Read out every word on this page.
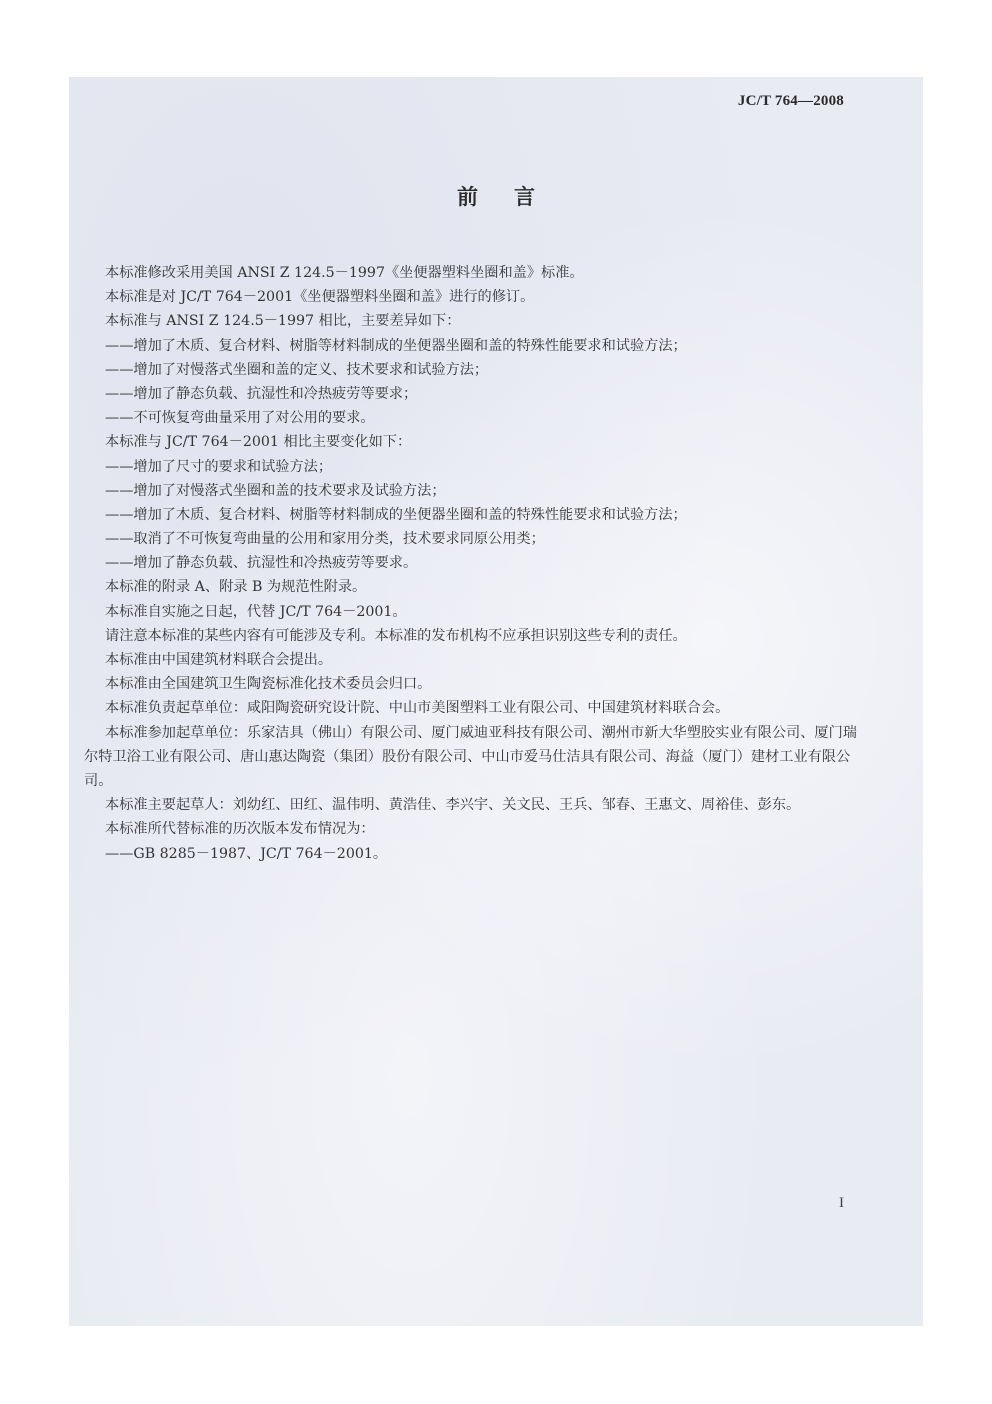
JC/T 764—2008
前言
本标准修改采用美国 ANSI Z 124.5－1997《坐便器塑料坐圈和盖》标准。
本标准是对 JC/T 764－2001《坐便器塑料坐圈和盖》进行的修订。
本标准与 ANSI Z 124.5－1997 相比，主要差异如下：
——增加了木质、复合材料、树脂等材料制成的坐便器坐圈和盖的特殊性能要求和试验方法；
——增加了对慢落式坐圈和盖的定义、技术要求和试验方法；
——增加了静态负载、抗湿性和冷热疲劳等要求；
——不可恢复弯曲量采用了对公用的要求。
本标准与 JC/T 764－2001 相比主要变化如下：
——增加了尺寸的要求和试验方法；
——增加了对慢落式坐圈和盖的技术要求及试验方法；
——增加了木质、复合材料、树脂等材料制成的坐便器坐圈和盖的特殊性能要求和试验方法；
——取消了不可恢复弯曲量的公用和家用分类，技术要求同原公用类；
——增加了静态负载、抗湿性和冷热疲劳等要求。
本标准的附录 A、附录 B 为规范性附录。
本标准自实施之日起，代替 JC/T 764－2001。
请注意本标准的某些内容有可能涉及专利。本标准的发布机构不应承担识别这些专利的责任。
本标准由中国建筑材料联合会提出。
本标准由全国建筑卫生陶瓷标准化技术委员会归口。
本标准负责起草单位：咸阳陶瓷研究设计院、中山市美图塑料工业有限公司、中国建筑材料联合会。
本标准参加起草单位：乐家洁具（佛山）有限公司、厦门威迪亚科技有限公司、潮州市新大华塑胶实业有限公司、厦门瑞尔特卫浴工业有限公司、唐山惠达陶瓷（集团）股份有限公司、中山市爱马仕洁具有限公司、海益（厦门）建材工业有限公司。
本标准主要起草人：刘幼红、田红、温伟明、黄浩佳、李兴宇、关文民、王兵、邹春、王惠文、周裕佳、彭东。
本标准所代替标准的历次版本发布情况为：
——GB 8285－1987、JC/T 764－2001。
I
